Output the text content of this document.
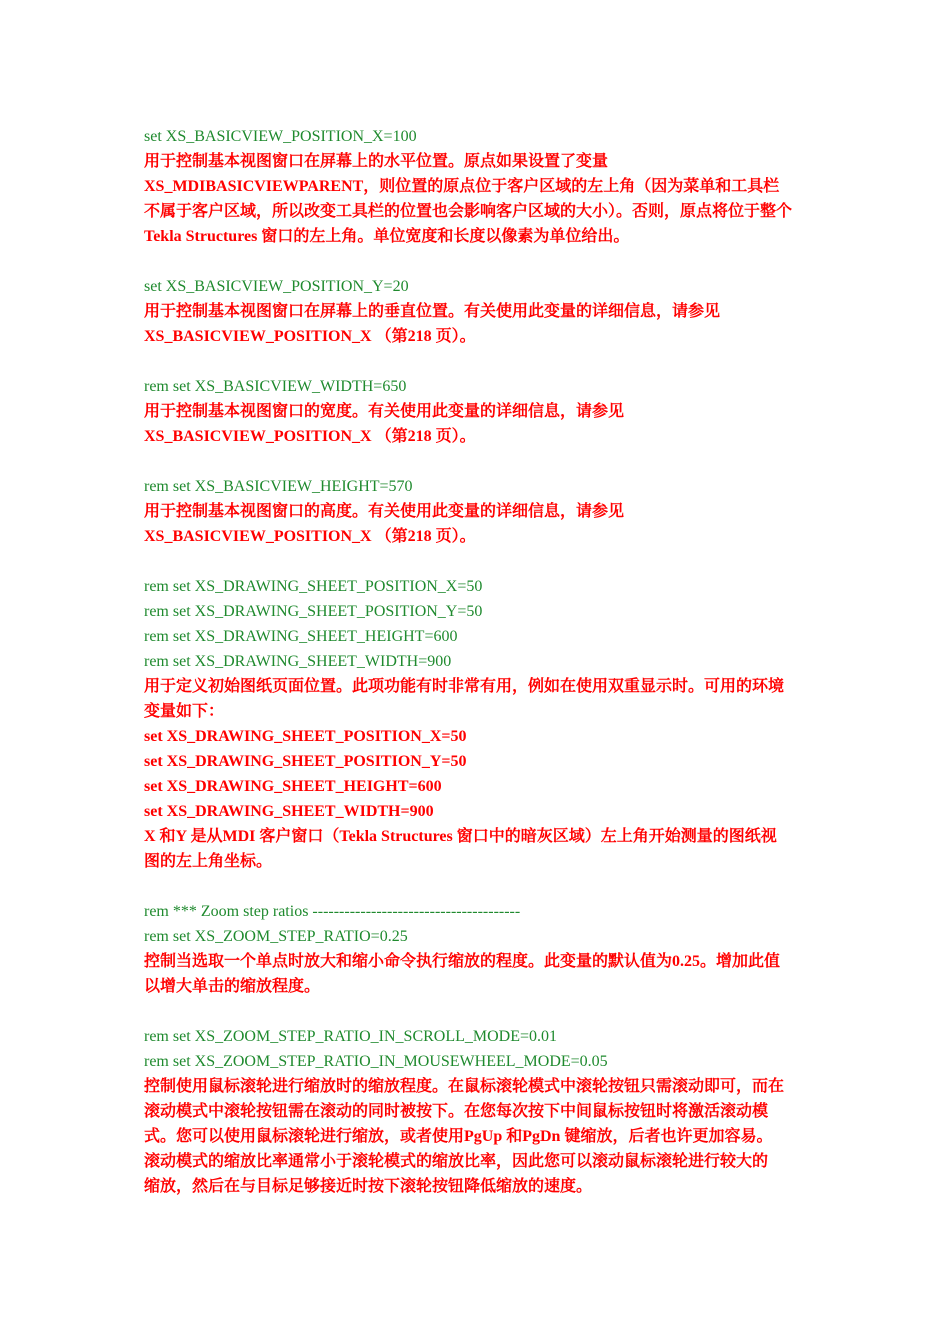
set XS_BASICVIEW_POSITION_X=100
用于控制基本视图窗口在屏幕上的水平位置。原点如果设置了变量
XS_MDIBASICVIEWPARENT，则位置的原点位于客户区域的左上角（因为菜单和工具栏
不属于客户区域，所以改变工具栏的位置也会影响客户区域的大小）。否则，原点将位于整个
Tekla Structures 窗口的左上角。单位宽度和长度以像素为单位给出。
set XS_BASICVIEW_POSITION_Y=20
用于控制基本视图窗口在屏幕上的垂直位置。有关使用此变量的详细信息，请参见
XS_BASICVIEW_POSITION_X （第218 页）。
rem set XS_BASICVIEW_WIDTH=650
用于控制基本视图窗口的宽度。有关使用此变量的详细信息，请参见
XS_BASICVIEW_POSITION_X （第218 页）。
rem set XS_BASICVIEW_HEIGHT=570
用于控制基本视图窗口的高度。有关使用此变量的详细信息，请参见
XS_BASICVIEW_POSITION_X （第218 页）。
rem set XS_DRAWING_SHEET_POSITION_X=50
rem set XS_DRAWING_SHEET_POSITION_Y=50
rem set XS_DRAWING_SHEET_HEIGHT=600
rem set XS_DRAWING_SHEET_WIDTH=900
用于定义初始图纸页面位置。此项功能有时非常有用，例如在使用双重显示时。可用的环境
变量如下：
set XS_DRAWING_SHEET_POSITION_X=50
set XS_DRAWING_SHEET_POSITION_Y=50
set XS_DRAWING_SHEET_HEIGHT=600
set XS_DRAWING_SHEET_WIDTH=900
X 和Y 是从MDI 客户窗口（Tekla Structures 窗口中的暗灰区域）左上角开始测量的图纸视
图的左上角坐标。
rem *** Zoom step ratios ---------------------------------------
rem set XS_ZOOM_STEP_RATIO=0.25
控制当选取一个单点时放大和缩小命令执行缩放的程度。此变量的默认值为0.25。增加此值
以增大单击的缩放程度。
rem set XS_ZOOM_STEP_RATIO_IN_SCROLL_MODE=0.01
rem set XS_ZOOM_STEP_RATIO_IN_MOUSEWHEEL_MODE=0.05
控制使用鼠标滚轮进行缩放时的缩放程度。在鼠标滚轮模式中滚轮按钮只需滚动即可，而在
滚动模式中滚轮按钮需在滚动的同时被按下。在您每次按下中间鼠标按钮时将激活滚动模
式。您可以使用鼠标滚轮进行缩放，或者使用PgUp 和PgDn 键缩放，后者也许更加容易。
滚动模式的缩放比率通常小于滚轮模式的缩放比率，因此您可以滚动鼠标滚轮进行较大的
缩放，然后在与目标足够接近时按下滚轮按钮降低缩放的速度。
